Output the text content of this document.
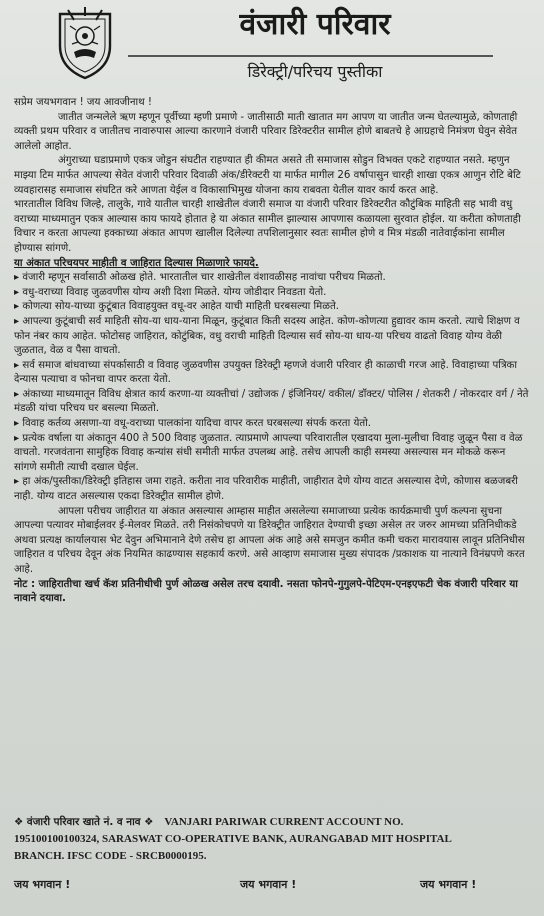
वंजारी परिवार
डिरेक्ट्री/परिचय पुस्तीका

सप्रेम जयभगवान ! जय आवजीनाथ !

जातीत जन्मलेले ऋण म्हणून पूर्वीच्या म्हणी प्रमाणे - जातीसाठी माती खातात मग आपण या जातीत जन्म घेतल्यामुळे, कोणताही व्यक्ती प्रथम परिवार व जातीतच नावारुपास आल्या कारणाने वंजारी परिवार डिरेक्टरीत सामील होणे बाबतचे हे आग्रहाचे निमंत्रण घेवुन सेवेत आलेलो आहोत.

अंगुराच्या घडाप्रमाणे एकत्र जोडुन संघटीत राहण्यात ही कीमत असते ती समाजास सोडुन विभक्त एकटे राहण्यात नसते. म्हणुन माझ्या टिम मार्फत आपल्या सेवेत वंजारी परिवार दिवाळी अंक/डीरेक्टरी या मार्फत मागील 26 वर्षापासुन चारही शाखा एकत्र आणुन रोटि बेटि व्यवहारासह समाजास संघटित करे आणता येईल व विकासाभिमुख योजना काय राबवता येतील यावर कार्य करत आहे.

भारतातील विविध जिल्हे, तालुके, गावे यातील चारही शाखेतील वंजारी समाज या वंजारी परिवार डिरेक्टरीत कौटुंबिक माहिती सह भावी वधु वराच्या माध्यमातुन एकत्र आल्यास काय फायदे होतात हे या अंकात सामील झाल्यास आपणास कळायला सुरवात होईल. या करीता कोणताही विचार न करता आपल्या हक्काच्या अंकात आपण खालील दिलेल्या तपशिलानुसार स्वतः सामील होणे व मित्र मंडळी नातेवाईकांना सामील होण्यास सांगणे.

या अंकात परिचयपर माहीती व जाहिरात दिल्यास मिळाणारे फायदे.

▸ वंजारी म्हणून सर्वासाठी ओळख होते. भारतातील चार शाखेतील वंशावळीसह नावांचा परीचय मिळतो.
▸ वधु-वराच्या विवाह जुळवणीस योग्य अशी दिशा मिळते. योग्य जोडीदार निवडता येतो.
▸ कोणत्या सोय-याच्या कुटूंबात विवाहयुक्त वधू-वर आहेत याची माहिती घरबसल्या मिळते.
▸ आपल्या कुटूंबाची सर्व माहिती सोय-या धाय-याना मिळून, कुटूंबात किती सदस्य आहेत. कोण-कोणत्या हुद्यावर काम करतो. त्याचे शिक्षण व फोन नंबर काय आहेत. फोटोसह जाहिरात, कोटुंबिक, वधु वराची माहिती दिल्यास सर्व सोय-या धाय-या परिचय वाढतो विवाह योग्य वेळी जुळतात, वेळ व पैसा वाचतो.
▸ सर्व समाज बांधवाच्या संपर्कासाठी व विवाह जुळवणीस उपयुक्त डिरेक्ट्री म्हणजे वंजारी परिवार ही काळाची गरज आहे. विवाहाच्या पत्रिका देन्यास पत्याचा व फोनचा वापर करता येतो.
▸ अंकाच्या माध्यमातून विविध क्षेत्रात कार्य करणा-या व्यक्तीचां / उद्योजक / इंजिनियर/ वकील/ डॉक्टर/ पोलिस / शेतकरी / नोकरदार वर्ग / नेते मंडळी यांचा परिचय घर बसल्या मिळतो.
▸ विवाह कर्तव्य असणा-या वधू-वराच्या पालकांना यादिचा वापर करत घरबसल्या संपर्क करता येतो.
▸ प्रत्येक वर्षाला या अंकातून 400 ते 500 विवाह जुळतात. त्याप्रमाणे आपल्या परिवारातील एखादया मुला-मुलीचा विवाह जुळून पैसा व वेळ वाचतो. गरजवंताना सामुहिक विवाह कन्यांस संधी समीती मार्फत उपलब्ध आहे. तसेच आपली काही समस्या असल्यास मन मोकळे करून सांगणे समीती त्याची दखाल घेईल.
▸ हा अंक/पुस्तीका/डिरेक्ट्री इतिहास जमा राहते. करीता नाव परिवारीक माहीती, जाहीरात देणे योग्य वाटत असल्यास देणे, कोणास बळजबरी नाही. योग्य वाटत असल्यास एकदा डिरेक्ट्रीत सामील होणे.

आपला परीचय जाहीरात या अंकात असल्यास आम्हास माहीत असलेल्या समाजाच्या प्रत्येक कार्यक्रमाची पुर्ण कल्पना सुचना आपल्या पत्यावर मोबाईलवर ई-मेलवर मिळते. तरी निसंकोचपणे या डिरेक्ट्रीत जाहिरात देण्याची इच्छा असेल तर जरुर आमच्या प्रतिनिधीकडे अथवा प्रत्यक्ष कार्यालयास भेट देवुन अभिमानाने देणे तसेच हा आपला अंक आहे असे समजुन कमीत कमी चकरा मारावयास लावून प्रतिनिधीस जाहिरात व परिचय देवून अंक नियमित काढण्यास सहकार्य करणे. असे आव्हाण समाजास मुख्य संपादक /प्रकाशक या नात्याने विनंम्रपणे करत आहे.

नोट : जाहिरातीचा खर्च कॅश प्रतिनीधीची पुर्ण ओळख असेल तरच दयावी. नसता फोनपे-गुगुलपे-पेटिएम-एनइएफटी चेक वंजारी परिवार या नावाने दयावा.

❖ वंजारी परिवार खाते नं. व नाव ❖ VANJARI PARIWAR CURRENT ACCOUNT NO.
195100100100324, SARASWAT CO-OPERATIVE BANK, AURANGABAD MIT HOSPITAL
BRANCH. IFSC CODE - SRCB0000195.
जय भगवान !	जय भगवान !	जय भगवान !
